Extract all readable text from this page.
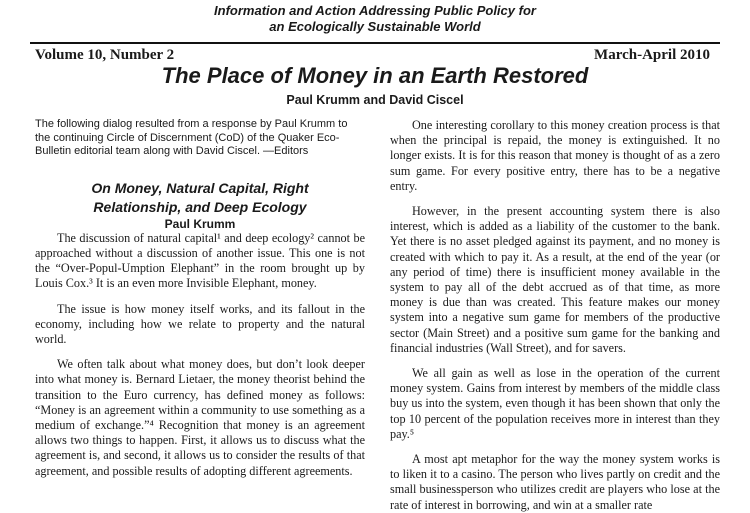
Information and Action Addressing Public Policy for
an Ecologically Sustainable World
Volume 10, Number 2	March-April 2010
The Place of Money in an Earth Restored
Paul Krumm and David Ciscel

The following dialog resulted from a response by Paul Krumm to the continuing Circle of Discernment (CoD) of the Quaker Eco-Bulletin editorial team along with David Ciscel. —Editors

On Money, Natural Capital, Right
Relationship, and Deep Ecology
Paul Krumm

The discussion of natural capital¹ and deep ecology² cannot be approached without a discussion of another issue. This one is not the “Over-Popul-Umption Elephant” in the room brought up by Louis Cox.³ It is an even more Invisible Elephant, money.

The issue is how money itself works, and its fallout in the economy, including how we relate to property and the natural world.

We often talk about what money does, but don’t look deeper into what money is. Bernard Lietaer, the money theorist behind the transition to the Euro currency, has defined money as follows: “Money is an agreement within a community to use something as a medium of exchange.”⁴ Recognition that money is an agreement allows two things to happen. First, it allows us to discuss what the agreement is, and second, it allows us to consider the results of that agreement, and possible results of adopting different agreements.

One interesting corollary to this money creation process is that when the principal is repaid, the money is extinguished. It no longer exists. It is for this reason that money is thought of as a zero sum game. For every positive entry, there has to be a negative entry.

However, in the present accounting system there is also interest, which is added as a liability of the customer to the bank. Yet there is no asset pledged against its payment, and no money is created with which to pay it. As a result, at the end of the year (or any period of time) there is insufficient money available in the system to pay all of the debt accrued as of that time, as more money is due than was created. This feature makes our money system into a negative sum game for members of the productive sector (Main Street) and a positive sum game for the banking and financial industries (Wall Street), and for savers.

We all gain as well as lose in the operation of the current money system. Gains from interest by members of the middle class buy us into the system, even though it has been shown that only the top 10 percent of the population receives more in interest than they pay.⁵

A most apt metaphor for the way the money system works is to liken it to a casino. The person who lives partly on credit and the small businessperson who utilizes credit are players who lose at the rate of interest in borrowing, and win at a smaller rate
